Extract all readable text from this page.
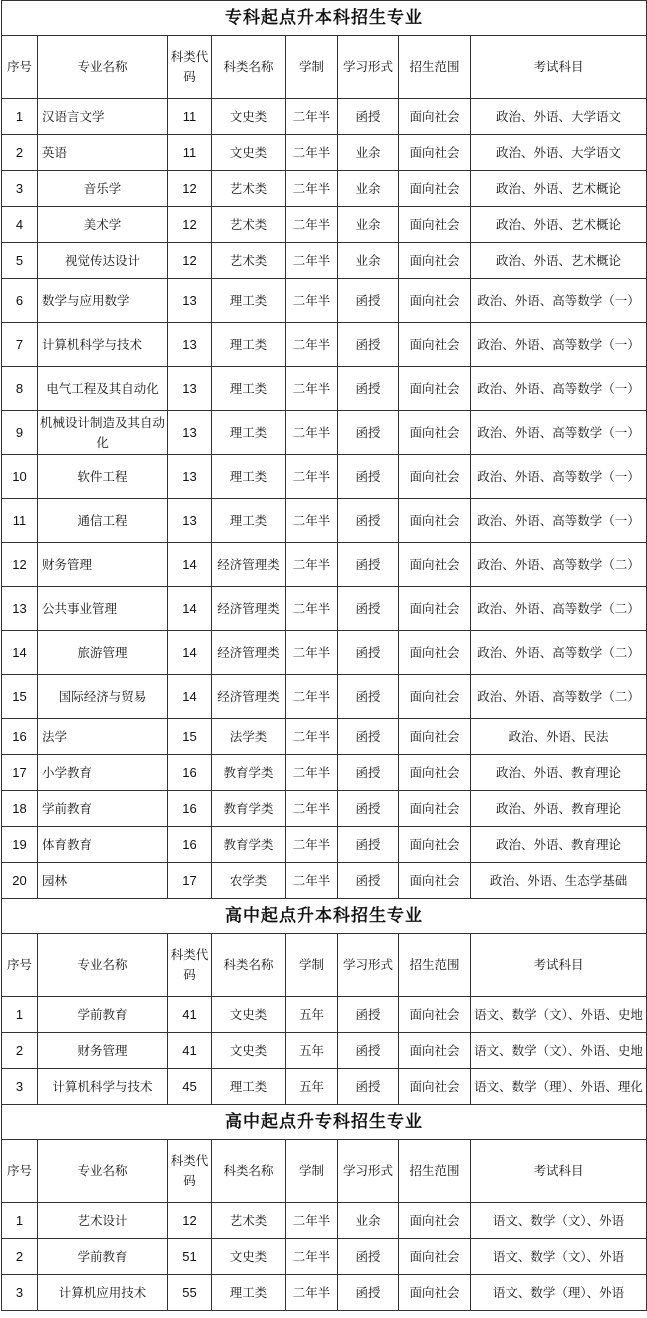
专科起点升本科招生专业							
序号	专业名称	科类代码	科类名称	学制	学习形式	招生范围	考试科目
1	汉语言文学	11	文史类	二年半	函授	面向社会	政治、外语、大学语文
2	英语	11	文史类	二年半	业余	面向社会	政治、外语、大学语文
3	音乐学	12	艺术类	二年半	业余	面向社会	政治、外语、艺术概论
4	美术学	12	艺术类	二年半	业余	面向社会	政治、外语、艺术概论
5	视觉传达设计	12	艺术类	二年半	业余	面向社会	政治、外语、艺术概论
6	数学与应用数学	13	理工类	二年半	函授	面向社会	政治、外语、高等数学（一）
7	计算机科学与技术	13	理工类	二年半	函授	面向社会	政治、外语、高等数学（一）
8	电气工程及其自动化	13	理工类	二年半	函授	面向社会	政治、外语、高等数学（一）
9	机械设计制造及其自动化	13	理工类	二年半	函授	面向社会	政治、外语、高等数学（一）
10	软件工程	13	理工类	二年半	函授	面向社会	政治、外语、高等数学（一）
11	通信工程	13	理工类	二年半	函授	面向社会	政治、外语、高等数学（一）
12	财务管理	14	经济管理类	二年半	函授	面向社会	政治、外语、高等数学（二）
13	公共事业管理	14	经济管理类	二年半	函授	面向社会	政治、外语、高等数学（二）
14	旅游管理	14	经济管理类	二年半	函授	面向社会	政治、外语、高等数学（二）
15	国际经济与贸易	14	经济管理类	二年半	函授	面向社会	政治、外语、高等数学（二）
16	法学	15	法学类	二年半	函授	面向社会	政治、外语、民法
17	小学教育	16	教育学类	二年半	函授	面向社会	政治、外语、教育理论
18	学前教育	16	教育学类	二年半	函授	面向社会	政治、外语、教育理论
19	体育教育	16	教育学类	二年半	函授	面向社会	政治、外语、教育理论
20	园林	17	农学类	二年半	函授	面向社会	政治、外语、生态学基础
高中起点升本科招生专业							
序号	专业名称	科类代码	科类名称	学制	学习形式	招生范围	考试科目
1	学前教育	41	文史类	五年	函授	面向社会	语文、数学（文）、外语、史地
2	财务管理	41	文史类	五年	函授	面向社会	语文、数学（文）、外语、史地
3	计算机科学与技术	45	理工类	五年	函授	面向社会	语文、数学（理）、外语、理化
高中起点升专科招生专业							
序号	专业名称	科类代码	科类名称	学制	学习形式	招生范围	考试科目
1	艺术设计	12	艺术类	二年半	业余	面向社会	语文、数学（文）、外语
2	学前教育	51	文史类	二年半	函授	面向社会	语文、数学（文）、外语
3	计算机应用技术	55	理工类	二年半	函授	面向社会	语文、数学（理）、外语
